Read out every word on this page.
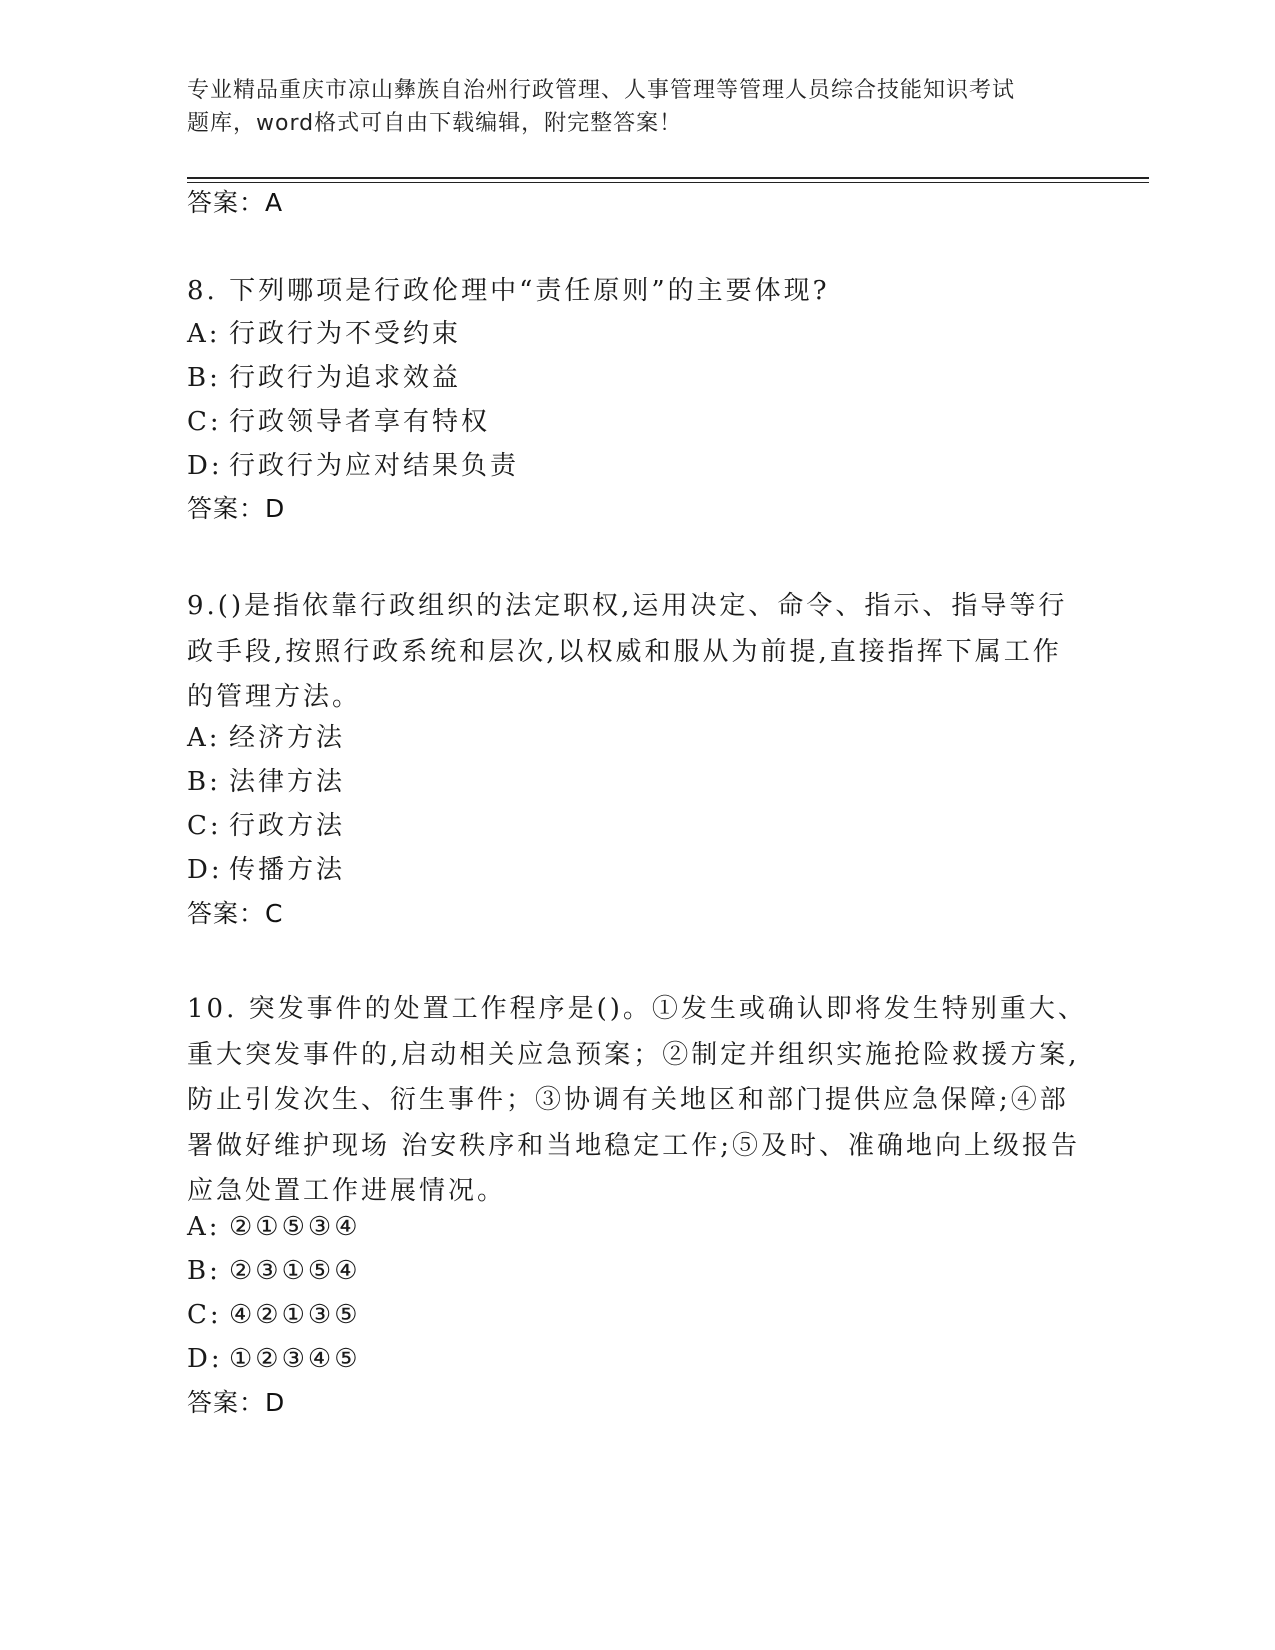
专业精品重庆市凉山彝族自治州行政管理、人事管理等管理人员综合技能知识考试
题库，word格式可自由下载编辑，附完整答案！
答案：A
8. 下列哪项是行政伦理中“责任原则”的主要体现?
A: 行政行为不受约束
B: 行政行为追求效益
C: 行政领导者享有特权
D: 行政行为应对结果负责
答案：D
9.()是指依靠行政组织的法定职权,运用决定、命令、指示、指导等行政手段,按照行政系统和层次,以权威和服从为前提,直接指挥下属工作的管理方法。
A: 经济方法
B: 法律方法
C: 行政方法
D: 传播方法
答案：C
10. 突发事件的处置工作程序是()。①发生或确认即将发生特别重大、重大突发事件的,启动相关应急预案；②制定并组织实施抢险救援方案,防止引发次生、衍生事件；③协调有关地区和部门提供应急保障;④部署做好维护现场 治安秩序和当地稳定工作;⑤及时、准确地向上级报告应急处置工作进展情况。
A: ②①⑤③④
B: ②③①⑤④
C: ④②①③⑤
D: ①②③④⑤
答案：D
